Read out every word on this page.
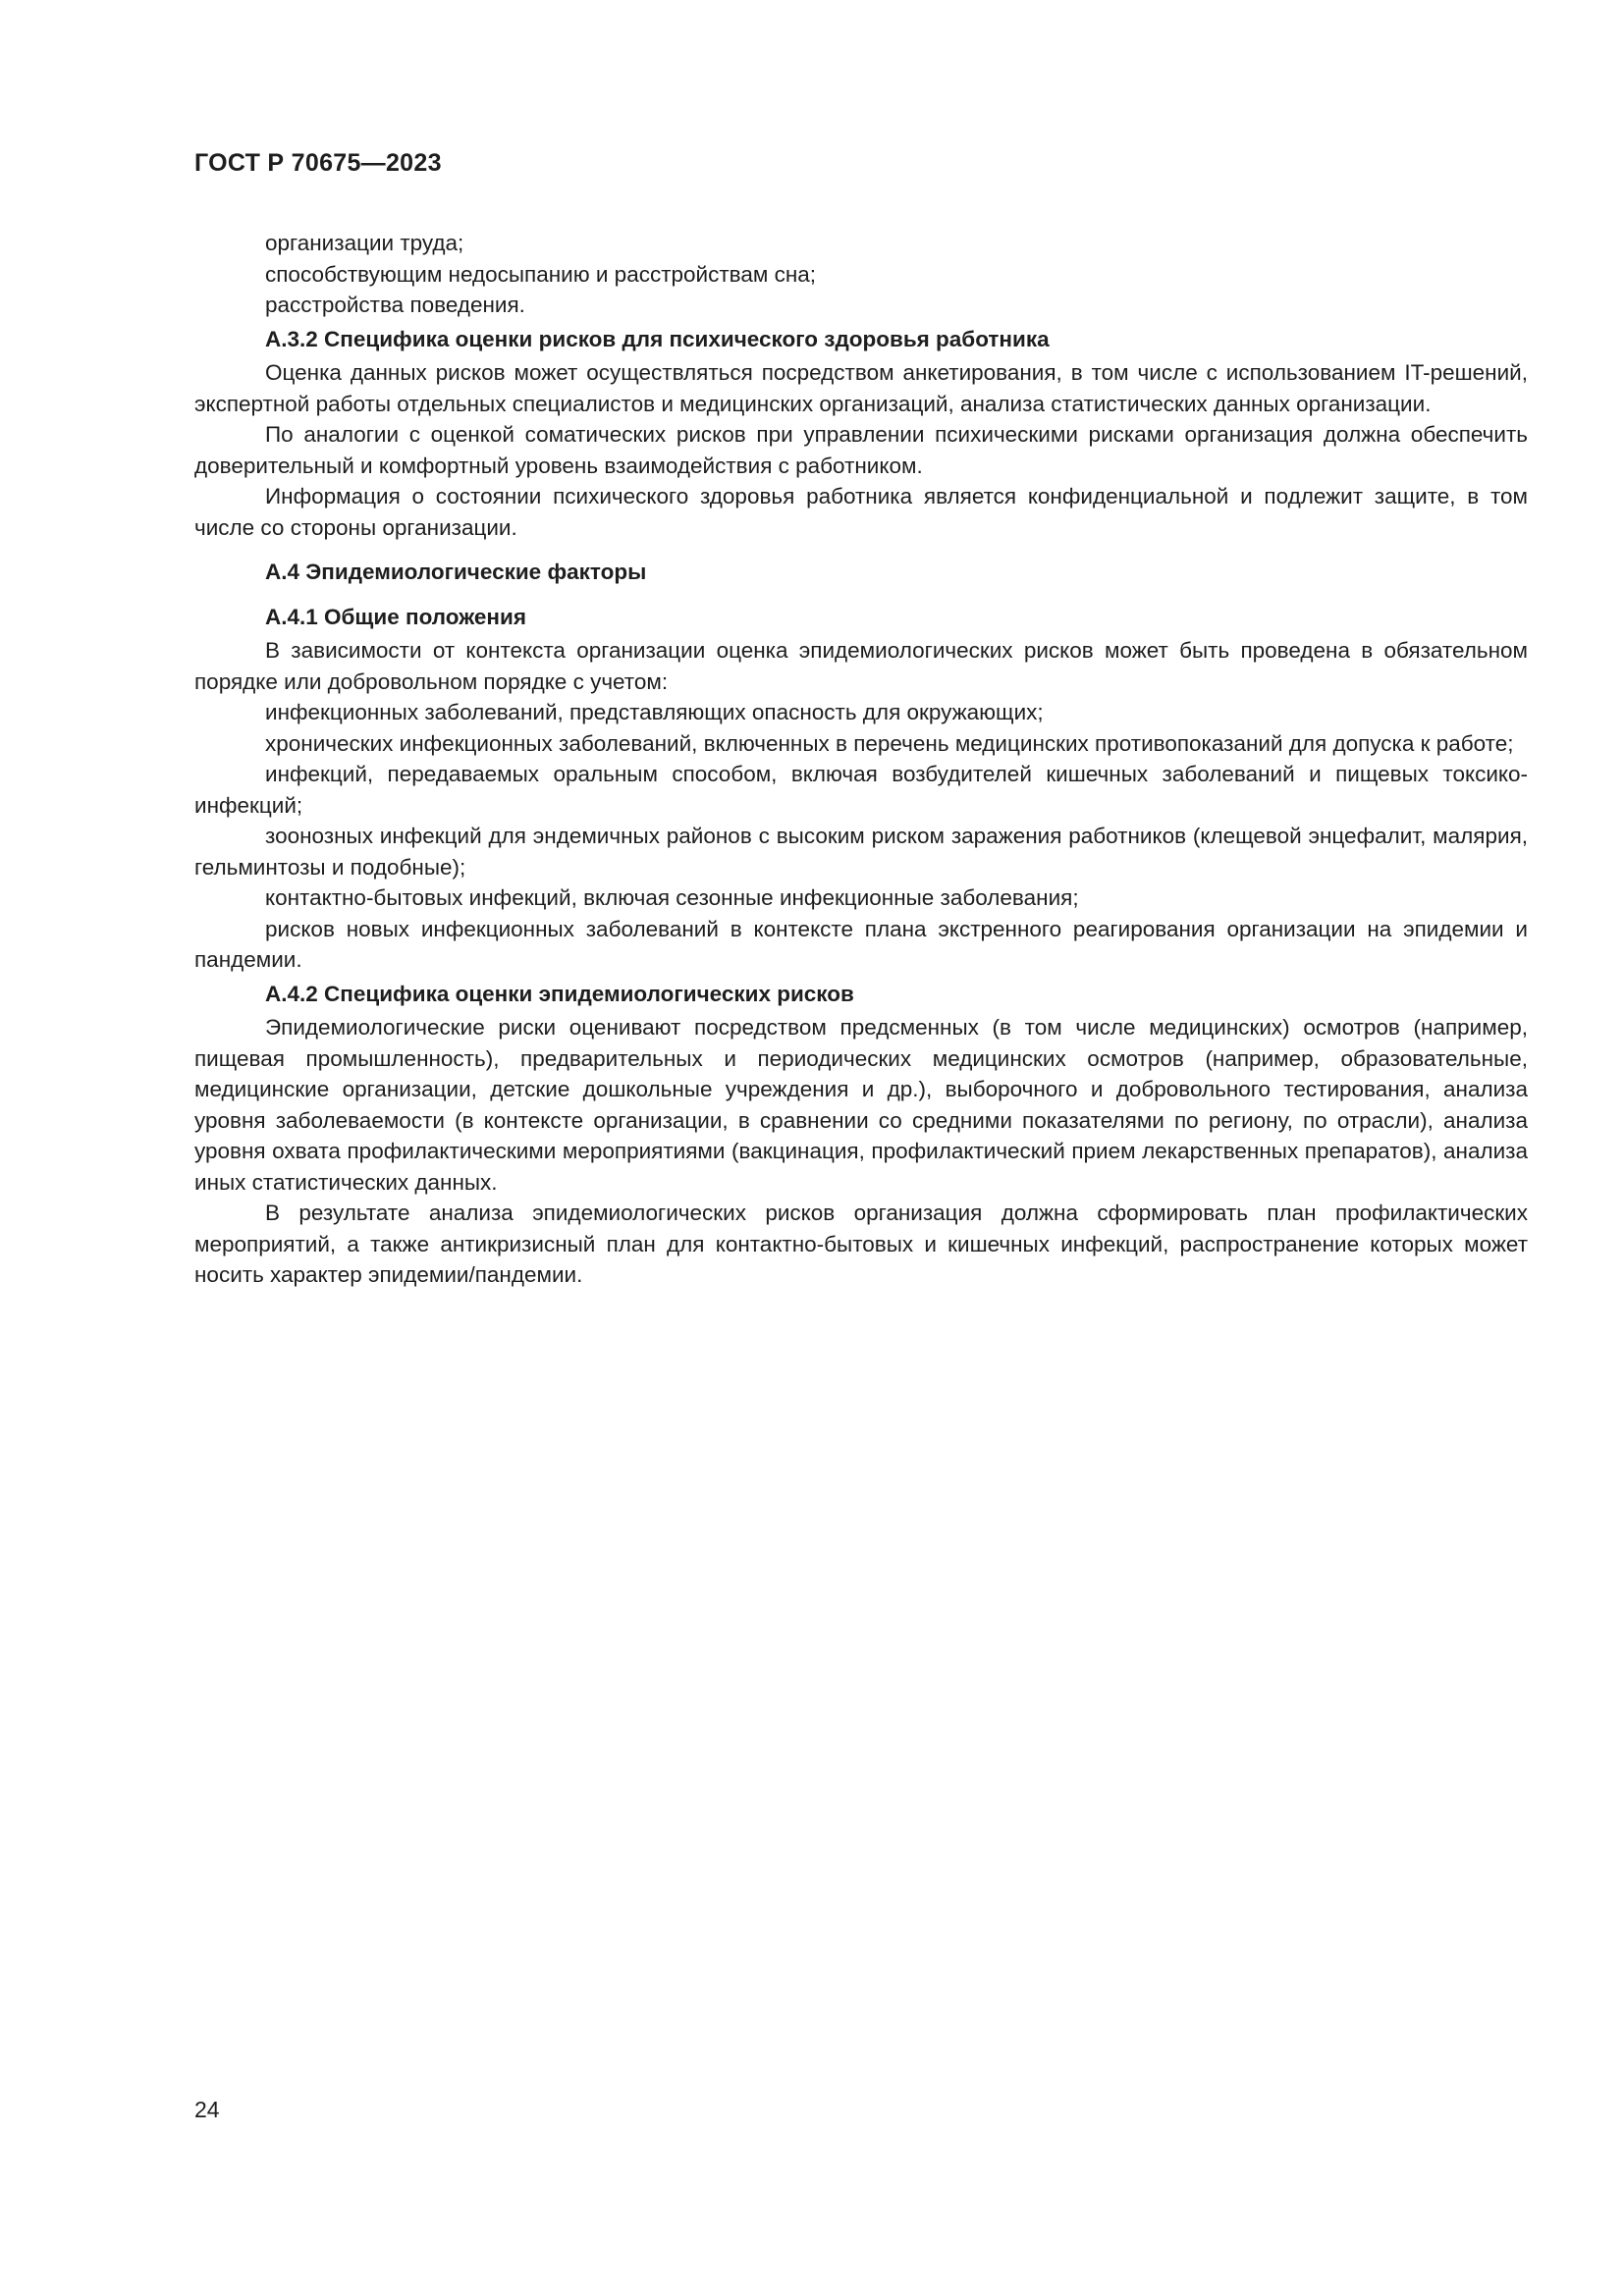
ГОСТ Р 70675—2023

организации труда;

способствующим недосыпанию и расстройствам сна;

расстройства поведения.

А.3.2 Специфика оценки рисков для психического здоровья работника

Оценка данных рисков может осуществляться посредством анкетирования, в том числе с использованием IT-решений, экспертной работы отдельных специалистов и медицинских организаций, анализа статистических данных организации.

По аналогии с оценкой соматических рисков при управлении психическими рисками организация должна обеспечить доверительный и комфортный уровень взаимодействия с работником.

Информация о состоянии психического здоровья работника является конфиденциальной и подлежит защите, в том числе со стороны организации.

А.4 Эпидемиологические факторы
А.4.1 Общие положения

В зависимости от контекста организации оценка эпидемиологических рисков может быть проведена в обязательном порядке или добровольном порядке с учетом:

инфекционных заболеваний, представляющих опасность для окружающих;

хронических инфекционных заболеваний, включенных в перечень медицинских противопоказаний для допуска к работе;

инфекций, передаваемых оральным способом, включая возбудителей кишечных заболеваний и пищевых токсико-инфекций;

зоонозных инфекций для эндемичных районов с высоким риском заражения работников (клещевой энцефалит, малярия, гельминтозы и подобные);

контактно-бытовых инфекций, включая сезонные инфекционные заболевания;

рисков новых инфекционных заболеваний в контексте плана экстренного реагирования организации на эпидемии и пандемии.

А.4.2 Специфика оценки эпидемиологических рисков

Эпидемиологические риски оценивают посредством предсменных (в том числе медицинских) осмотров (например, пищевая промышленность), предварительных и периодических медицинских осмотров (например, образовательные, медицинские организации, детские дошкольные учреждения и др.), выборочного и добровольного тестирования, анализа уровня заболеваемости (в контексте организации, в сравнении со средними показателями по региону, по отрасли), анализа уровня охвата профилактическими мероприятиями (вакцинация, профилактический прием лекарственных препаратов), анализа иных статистических данных.

В результате анализа эпидемиологических рисков организация должна сформировать план профилактических мероприятий, а также антикризисный план для контактно-бытовых и кишечных инфекций, распространение которых может носить характер эпидемии/пандемии.

24
